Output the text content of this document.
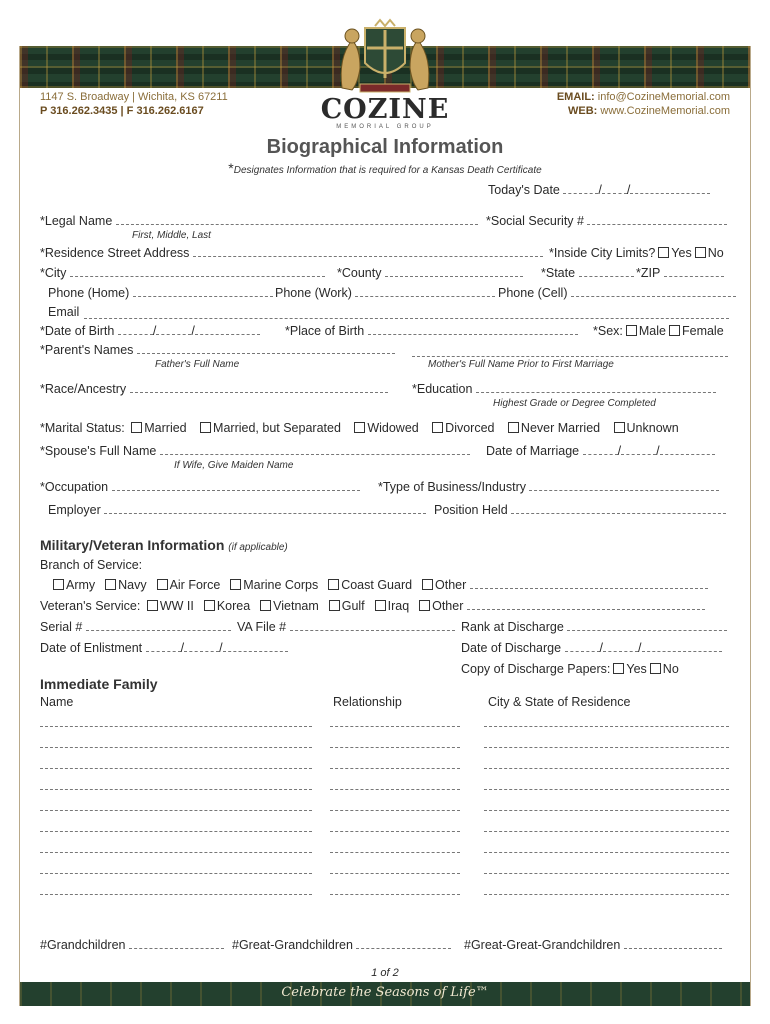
COZINE
MEMORIAL GROUP
1147 S. Broadway | Wichita, KS 67211
P 316.262.3435 | F 316.262.6167
EMAIL: info@CozineMemorial.com
WEB: www.CozineMemorial.com
Biographical Information
*Designates Information that is required for a Kansas Death Certificate
Today's Date	/ /
*Legal Name
First, Middle, Last
*Social Security #
*Residence Street Address	*Inside City Limits? Yes No
*City	*County	*State	*ZIP
Phone (Home)	Phone (Work)	Phone (Cell)
Email
*Date of Birth	/	/	*Place of Birth	*Sex: Male Female
*Parent's Names
Father's Full Name	Mother's Full Name Prior to First Marriage
*Race/Ancestry	*Education
Highest Grade or Degree Completed
*Marital Status: Married Married, but Separated Widowed Divorced Never Married Unknown
*Spouse's Full Name
If Wife, Give Maiden Name
Date of Marriage	/	/
*Occupation	*Type of Business/Industry
Employer	Position Held
Military/Veteran Information (if applicable)
Branch of Service:
Army Navy Air Force Marine Corps Coast Guard Other
Veteran's Service: WW II Korea Vietnam Gulf Iraq Other
Serial #	VA File #	Rank at Discharge
Date of Enlistment	/	/	Date of Discharge	/	/
Copy of Discharge Papers: Yes No
Immediate Family
Name	Relationship	City & State of Residence
#Grandchildren	#Great-Grandchildren	#Great-Great-Grandchildren
1 of 2
Celebrate the Seasons of Life™
